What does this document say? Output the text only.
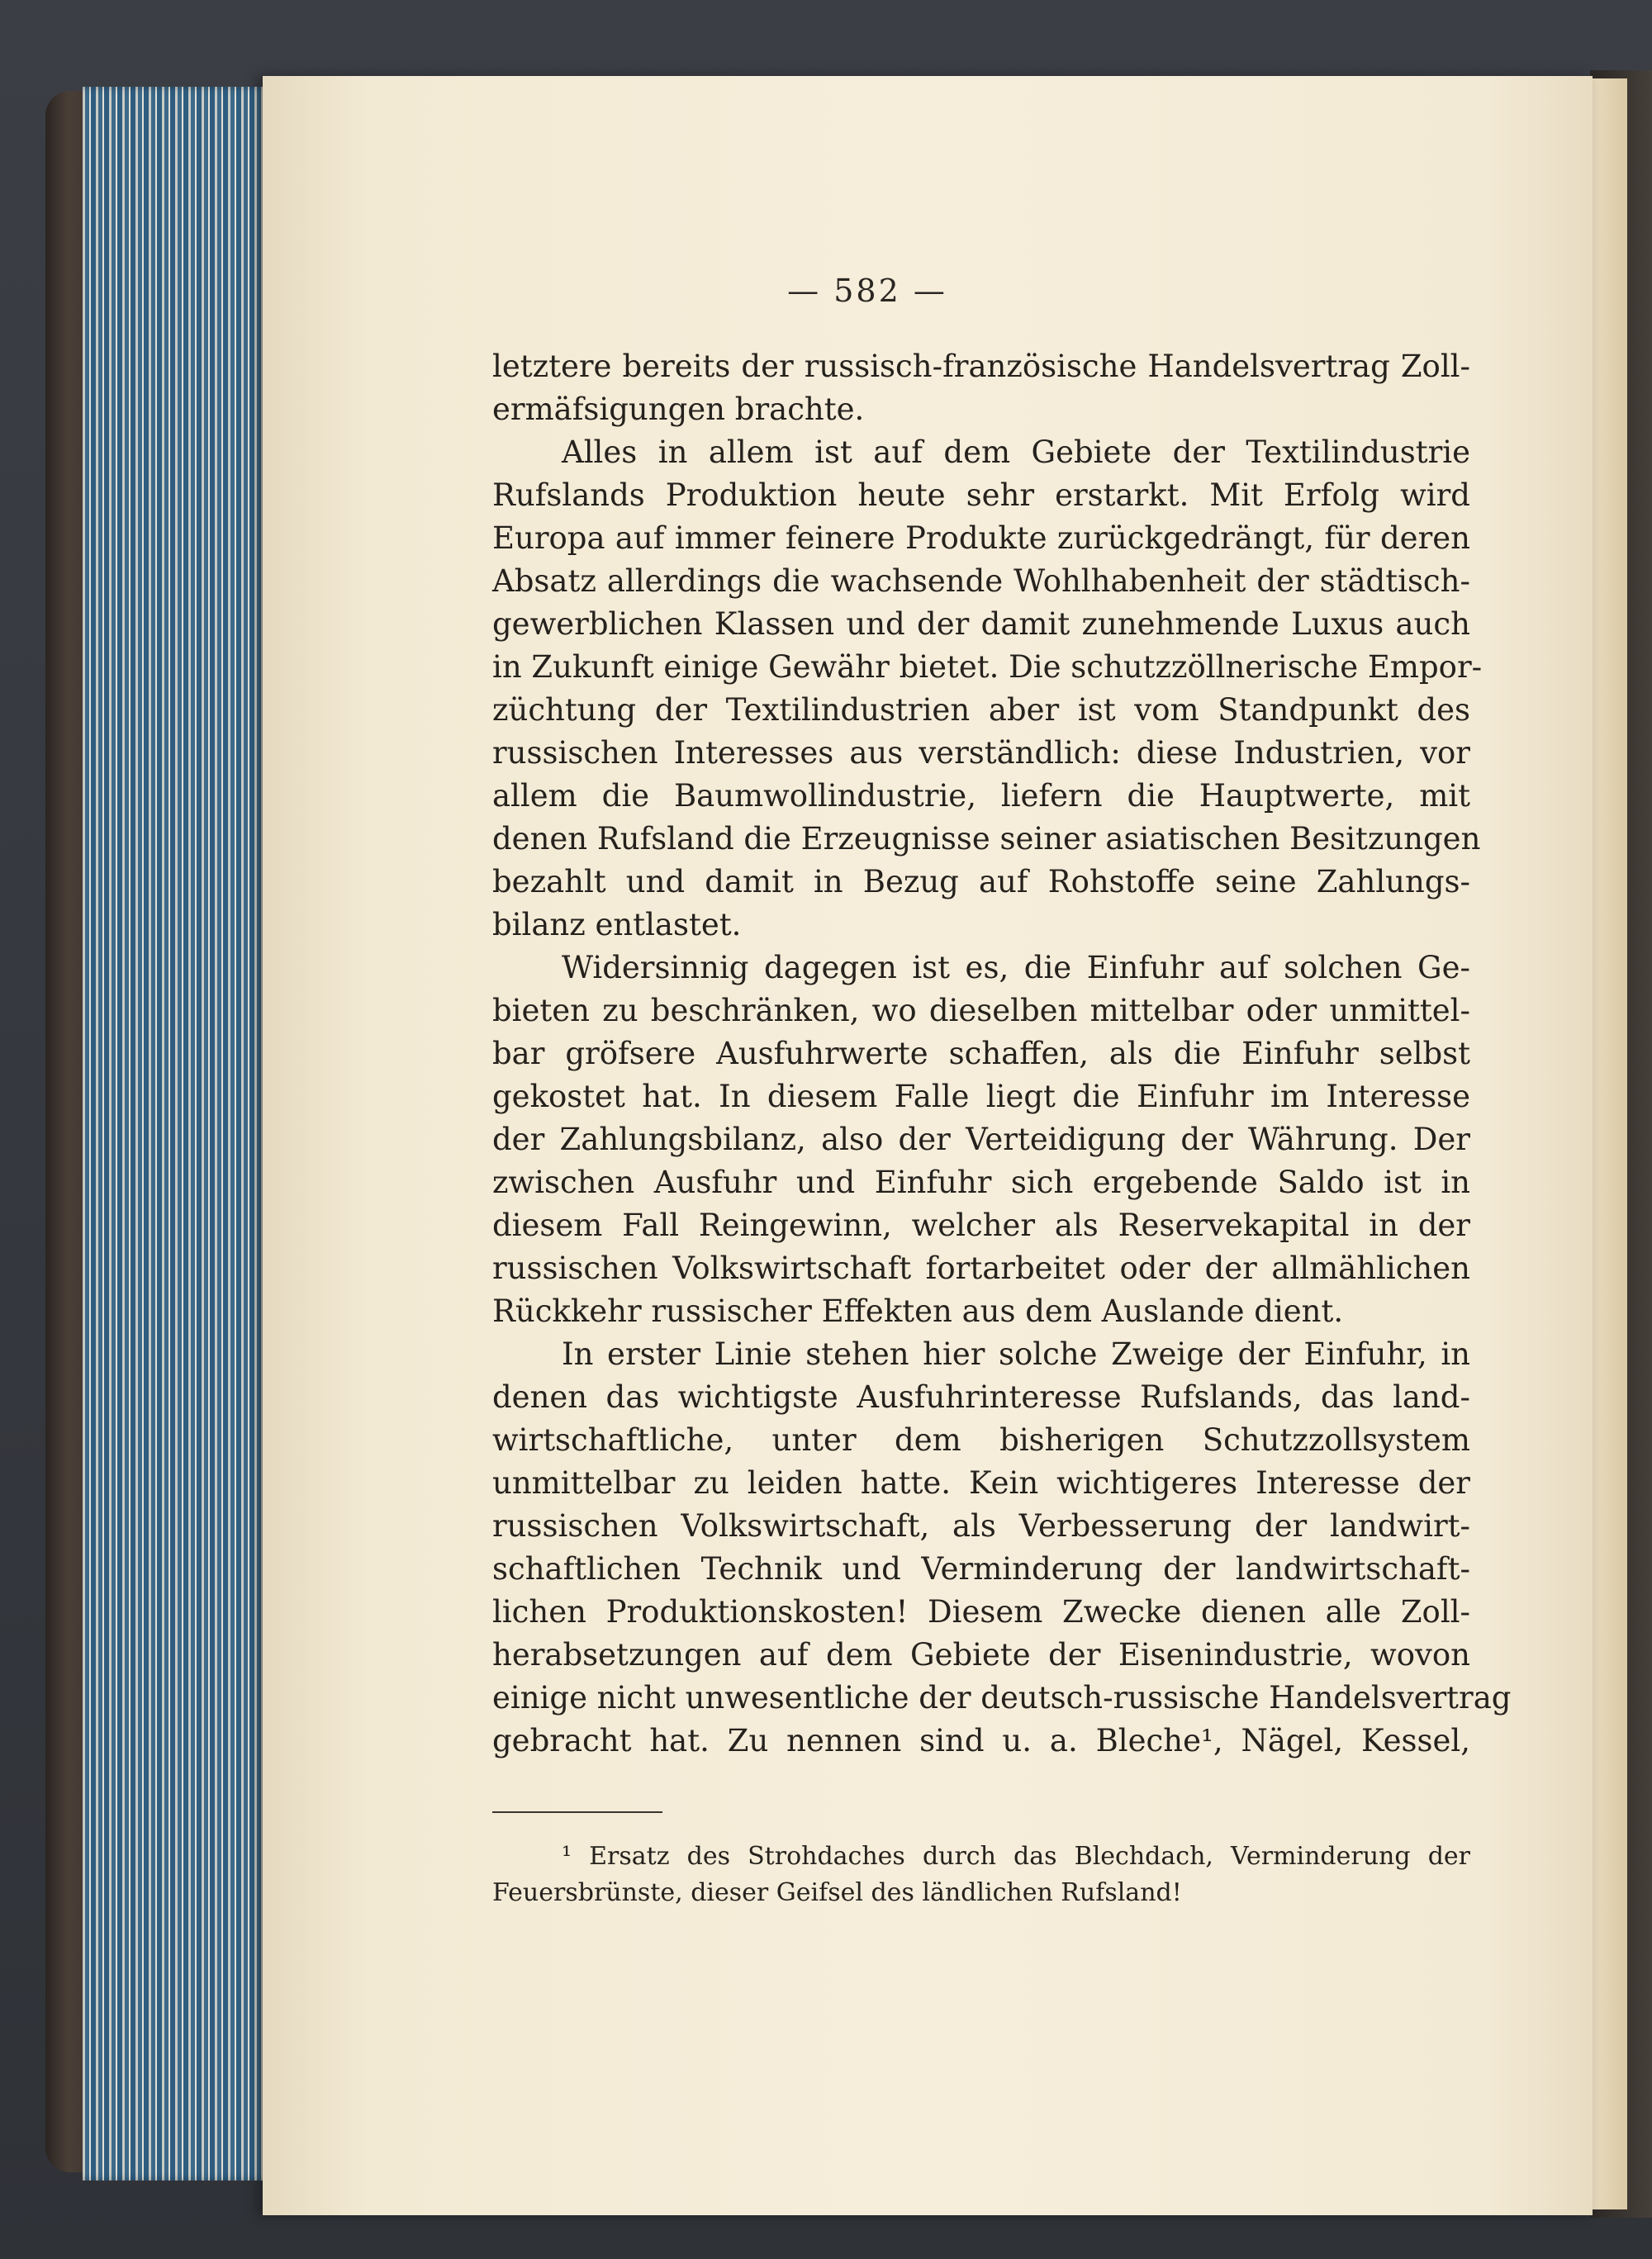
— 582 —
letztere bereits der russisch-französische Handelsvertrag Zoll-
ermäfsigungen brachte.
Alles in allem ist auf dem Gebiete der Textilindustrie
Rufslands Produktion heute sehr erstarkt. Mit Erfolg wird
Europa auf immer feinere Produkte zurückgedrängt, für deren
Absatz allerdings die wachsende Wohlhabenheit der städtisch-
gewerblichen Klassen und der damit zunehmende Luxus auch
in Zukunft einige Gewähr bietet. Die schutzzöllnerische Empor-
züchtung der Textilindustrien aber ist vom Standpunkt des
russischen Interesses aus verständlich: diese Industrien, vor
allem die Baumwollindustrie, liefern die Hauptwerte, mit
denen Rufsland die Erzeugnisse seiner asiatischen Besitzungen
bezahlt und damit in Bezug auf Rohstoffe seine Zahlungs-
bilanz entlastet.
Widersinnig dagegen ist es, die Einfuhr auf solchen Ge-
bieten zu beschränken, wo dieselben mittelbar oder unmittel-
bar gröfsere Ausfuhrwerte schaffen, als die Einfuhr selbst
gekostet hat. In diesem Falle liegt die Einfuhr im Interesse
der Zahlungsbilanz, also der Verteidigung der Währung. Der
zwischen Ausfuhr und Einfuhr sich ergebende Saldo ist in
diesem Fall Reingewinn, welcher als Reservekapital in der
russischen Volkswirtschaft fortarbeitet oder der allmählichen
Rückkehr russischer Effekten aus dem Auslande dient.
In erster Linie stehen hier solche Zweige der Einfuhr, in
denen das wichtigste Ausfuhrinteresse Rufslands, das land-
wirtschaftliche, unter dem bisherigen Schutzzollsystem
unmittelbar zu leiden hatte. Kein wichtigeres Interesse der
russischen Volkswirtschaft, als Verbesserung der landwirt-
schaftlichen Technik und Verminderung der landwirtschaft-
lichen Produktionskosten! Diesem Zwecke dienen alle Zoll-
herabsetzungen auf dem Gebiete der Eisenindustrie, wovon
einige nicht unwesentliche der deutsch-russische Handelsvertrag
gebracht hat. Zu nennen sind u. a. Bleche¹, Nägel, Kessel,
¹ Ersatz des Strohdaches durch das Blechdach, Verminderung der
Feuersbrünste, dieser Geifsel des ländlichen Rufsland!
